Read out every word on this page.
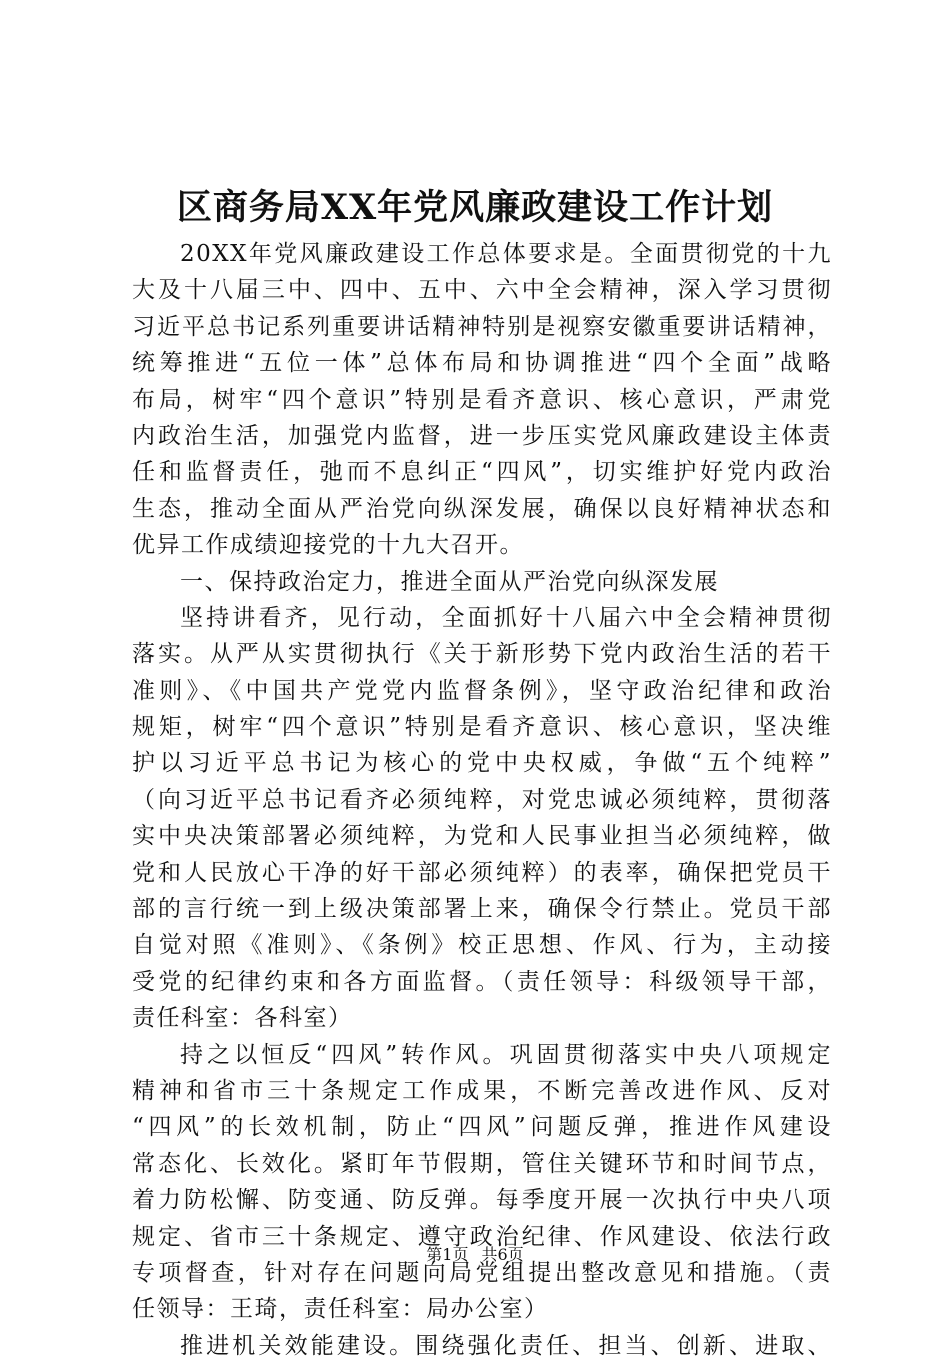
区商务局XX年党风廉政建设工作计划
20XX年党风廉政建设工作总体要求是。全面贯彻党的十九
大及十八届三中、四中、五中、六中全会精神，深入学习贯彻
习近平总书记系列重要讲话精神特别是视察安徽重要讲话精神，
统筹推进“五位一体”总体布局和协调推进“四个全面”战略
布局，树牢“四个意识”特别是看齐意识、核心意识，严肃党
内政治生活，加强党内监督，进一步压实党风廉政建设主体责
任和监督责任，弛而不息纠正“四风”，切实维护好党内政治
生态，推动全面从严治党向纵深发展，确保以良好精神状态和
优异工作成绩迎接党的十九大召开。
一、保持政治定力，推进全面从严治党向纵深发展
坚持讲看齐，见行动，全面抓好十八届六中全会精神贯彻
落实。从严从实贯彻执行《关于新形势下党内政治生活的若干
准则》、《中国共产党党内监督条例》，坚守政治纪律和政治
规矩，树牢“四个意识”特别是看齐意识、核心意识，坚决维
护以习近平总书记为核心的党中央权威，争做“五个纯粹”
（向习近平总书记看齐必须纯粹，对党忠诚必须纯粹，贯彻落
实中央决策部署必须纯粹，为党和人民事业担当必须纯粹，做
党和人民放心干净的好干部必须纯粹）的表率，确保把党员干
部的言行统一到上级决策部署上来，确保令行禁止。党员干部
自觉对照《准则》、《条例》校正思想、作风、行为，主动接
受党的纪律约束和各方面监督。（责任领导：科级领导干部，
责任科室：各科室）
持之以恒反“四风”转作风。巩固贯彻落实中央八项规定
精神和省市三十条规定工作成果，不断完善改进作风、反对
“四风”的长效机制，防止“四风”问题反弹，推进作风建设
常态化、长效化。紧盯年节假期，管住关键环节和时间节点，
着力防松懈、防变通、防反弹。每季度开展一次执行中央八项
规定、省市三十条规定、遵守政治纪律、作风建设、依法行政
专项督查，针对存在问题向局党组提出整改意见和措施。（责
任领导：王琦，责任科室：局办公室）
推进机关效能建设。围绕强化责任、担当、创新、进取、
第1页 共6页
